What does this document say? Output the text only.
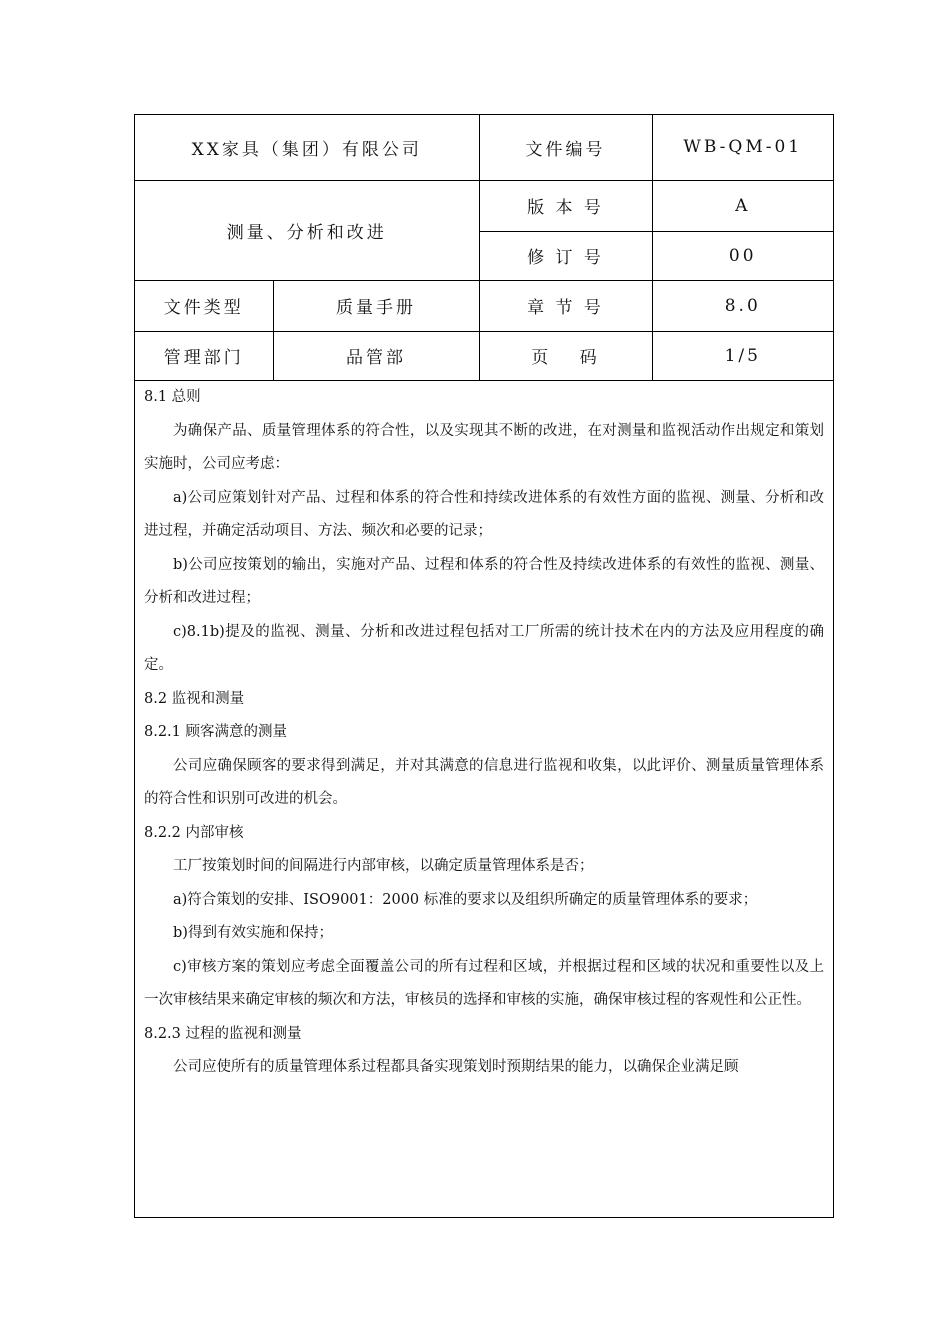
XX家具（集团）有限公司		文件编号	WB-QM-01
测量、分析和改进		版 本 号	A
		修 订 号	00
文件类型	质量手册	章 节 号	8.0
管理部门	品管部	页　 码	1/5

8.1 总则

为确保产品、质量管理体系的符合性，以及实现其不断的改进，在对测量和监视活动作出规定和策划实施时，公司应考虑：

a)公司应策划针对产品、过程和体系的符合性和持续改进体系的有效性方面的监视、测量、分析和改进过程，并确定活动项目、方法、频次和必要的记录；

b)公司应按策划的输出，实施对产品、过程和体系的符合性及持续改进体系的有效性的监视、测量、分析和改进过程；

c)8.1b)提及的监视、测量、分析和改进过程包括对工厂所需的统计技术在内的方法及应用程度的确定。

8.2 监视和测量

8.2.1 顾客满意的测量

公司应确保顾客的要求得到满足，并对其满意的信息进行监视和收集，以此评价、测量质量管理体系的符合性和识别可改进的机会。

8.2.2 内部审核

工厂按策划时间的间隔进行内部审核，以确定质量管理体系是否；

a)符合策划的安排、ISO9001：2000 标准的要求以及组织所确定的质量管理体系的要求；

b)得到有效实施和保持；

c)审核方案的策划应考虑全面覆盖公司的所有过程和区域，并根据过程和区域的状况和重要性以及上一次审核结果来确定审核的频次和方法，审核员的选择和审核的实施，确保审核过程的客观性和公正性。

8.2.3 过程的监视和测量

公司应使所有的质量管理体系过程都具备实现策划时预期结果的能力，以确保企业满足顾
